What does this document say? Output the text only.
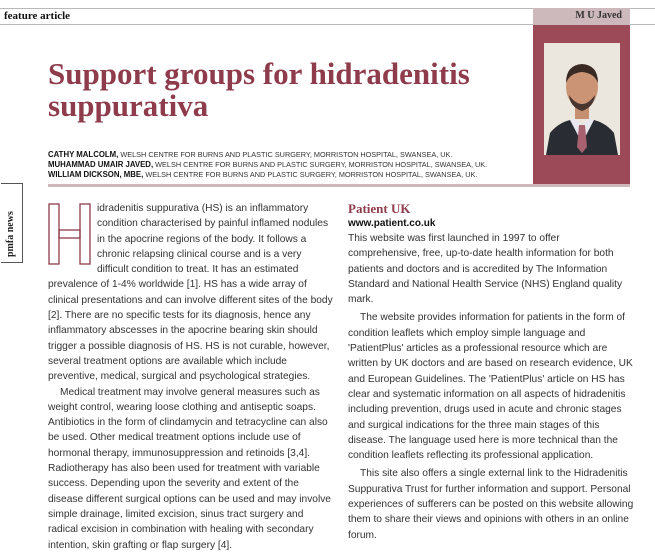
feature article	M U Javed
Support groups for hidradenitis suppurativa
CATHY MALCOLM, WELSH CENTRE FOR BURNS AND PLASTIC SURGERY, MORRISTON HOSPITAL, SWANSEA, UK.
MUHAMMAD UMAIR JAVED, WELSH CENTRE FOR BURNS AND PLASTIC SURGERY, MORRISTON HOSPITAL, SWANSEA, UK.
WILLIAM DICKSON, MBE, WELSH CENTRE FOR BURNS AND PLASTIC SURGERY, MORRISTON HOSPITAL, SWANSEA, UK.
pmfa news

idradenitis suppurativa (HS) is an inflammatory condition characterised by painful inflamed nodules in the apocrine regions of the body. It follows a chronic relapsing clinical course and is a very difficult condition to treat. It has an estimated prevalence of 1-4% worldwide [1]. HS has a wide array of clinical presentations and can involve different sites of the body [2]. There are no specific tests for its diagnosis, hence any inflammatory abscesses in the apocrine bearing skin should trigger a possible diagnosis of HS. HS is not curable, however, several treatment options are available which include preventive, medical, surgical and psychological strategies.

Medical treatment may involve general measures such as weight control, wearing loose clothing and antiseptic soaps. Antibiotics in the form of clindamycin and tetracycline can also be used. Other medical treatment options include use of hormonal therapy, immunosuppression and retinoids [3,4]. Radiotherapy has also been used for treatment with variable success. Depending upon the severity and extent of the disease different surgical options can be used and may involve simple drainage, limited excision, sinus tract surgery and radical excision in combination with healing with secondary intention, skin grafting or flap surgery [4].

Patient UK

www.patient.co.uk

This website was first launched in 1997 to offer comprehensive, free, up-to-date health information for both patients and doctors and is accredited by The Information Standard and National Health Service (NHS) England quality mark.

The website provides information for patients in the form of condition leaflets which employ simple language and 'PatientPlus' articles as a professional resource which are written by UK doctors and are based on research evidence, UK and European Guidelines. The 'PatientPlus' article on HS has clear and systematic information on all aspects of hidradenitis including prevention, drugs used in acute and chronic stages and surgical indications for the three main stages of this disease. The language used here is more technical than the condition leaflets reflecting its professional application.

This site also offers a single external link to the Hidradenitis Suppurativa Trust for further information and support. Personal experiences of sufferers can be posted on this website allowing them to share their views and opinions with others in an online forum.
